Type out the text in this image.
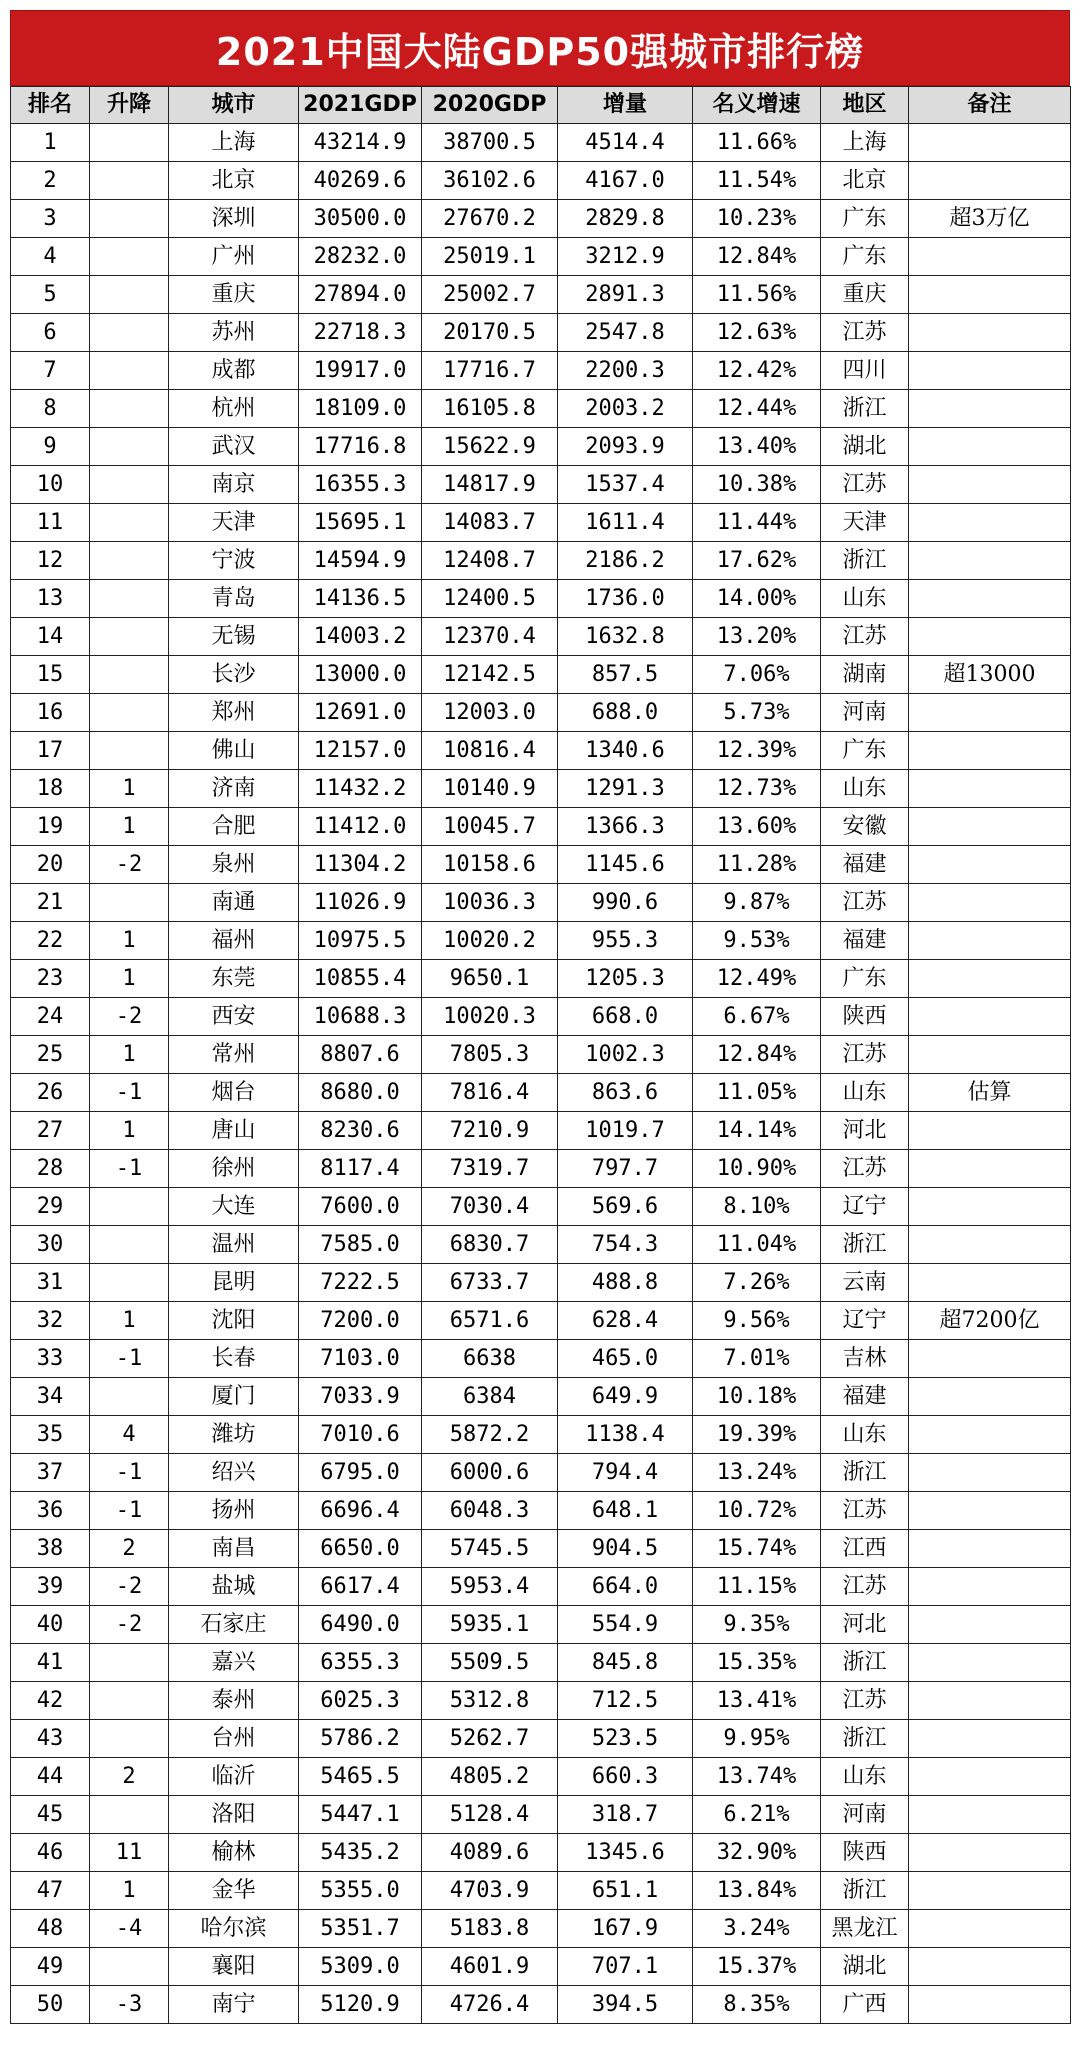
2021中国大陆GDP50强城市排行榜
排名	升降	城市	2021GDP	2020GDP	增量	名义增速	地区	备注
1		上海	43214.9	38700.5	4514.4	11.66%	上海	
2		北京	40269.6	36102.6	4167.0	11.54%	北京	
3		深圳	30500.0	27670.2	2829.8	10.23%	广东	超3万亿
4		广州	28232.0	25019.1	3212.9	12.84%	广东	
5		重庆	27894.0	25002.7	2891.3	11.56%	重庆	
6		苏州	22718.3	20170.5	2547.8	12.63%	江苏	
7		成都	19917.0	17716.7	2200.3	12.42%	四川	
8		杭州	18109.0	16105.8	2003.2	12.44%	浙江	
9		武汉	17716.8	15622.9	2093.9	13.40%	湖北	
10		南京	16355.3	14817.9	1537.4	10.38%	江苏	
11		天津	15695.1	14083.7	1611.4	11.44%	天津	
12		宁波	14594.9	12408.7	2186.2	17.62%	浙江	
13		青岛	14136.5	12400.5	1736.0	14.00%	山东	
14		无锡	14003.2	12370.4	1632.8	13.20%	江苏	
15		长沙	13000.0	12142.5	857.5	7.06%	湖南	超13000
16		郑州	12691.0	12003.0	688.0	5.73%	河南	
17		佛山	12157.0	10816.4	1340.6	12.39%	广东	
18	1	济南	11432.2	10140.9	1291.3	12.73%	山东	
19	1	合肥	11412.0	10045.7	1366.3	13.60%	安徽	
20	-2	泉州	11304.2	10158.6	1145.6	11.28%	福建	
21		南通	11026.9	10036.3	990.6	9.87%	江苏	
22	1	福州	10975.5	10020.2	955.3	9.53%	福建	
23	1	东莞	10855.4	9650.1	1205.3	12.49%	广东	
24	-2	西安	10688.3	10020.3	668.0	6.67%	陕西	
25	1	常州	8807.6	7805.3	1002.3	12.84%	江苏	
26	-1	烟台	8680.0	7816.4	863.6	11.05%	山东	估算
27	1	唐山	8230.6	7210.9	1019.7	14.14%	河北	
28	-1	徐州	8117.4	7319.7	797.7	10.90%	江苏	
29		大连	7600.0	7030.4	569.6	8.10%	辽宁	
30		温州	7585.0	6830.7	754.3	11.04%	浙江	
31		昆明	7222.5	6733.7	488.8	7.26%	云南	
32	1	沈阳	7200.0	6571.6	628.4	9.56%	辽宁	超7200亿
33	-1	长春	7103.0	6638	465.0	7.01%	吉林	
34		厦门	7033.9	6384	649.9	10.18%	福建	
35	4	潍坊	7010.6	5872.2	1138.4	19.39%	山东	
37	-1	绍兴	6795.0	6000.6	794.4	13.24%	浙江	
36	-1	扬州	6696.4	6048.3	648.1	10.72%	江苏	
38	2	南昌	6650.0	5745.5	904.5	15.74%	江西	
39	-2	盐城	6617.4	5953.4	664.0	11.15%	江苏	
40	-2	石家庄	6490.0	5935.1	554.9	9.35%	河北	
41		嘉兴	6355.3	5509.5	845.8	15.35%	浙江	
42		泰州	6025.3	5312.8	712.5	13.41%	江苏	
43		台州	5786.2	5262.7	523.5	9.95%	浙江	
44	2	临沂	5465.5	4805.2	660.3	13.74%	山东	
45		洛阳	5447.1	5128.4	318.7	6.21%	河南	
46	11	榆林	5435.2	4089.6	1345.6	32.90%	陕西	
47	1	金华	5355.0	4703.9	651.1	13.84%	浙江	
48	-4	哈尔滨	5351.7	5183.8	167.9	3.24%	黑龙江	
49		襄阳	5309.0	4601.9	707.1	15.37%	湖北	
50	-3	南宁	5120.9	4726.4	394.5	8.35%	广西	
